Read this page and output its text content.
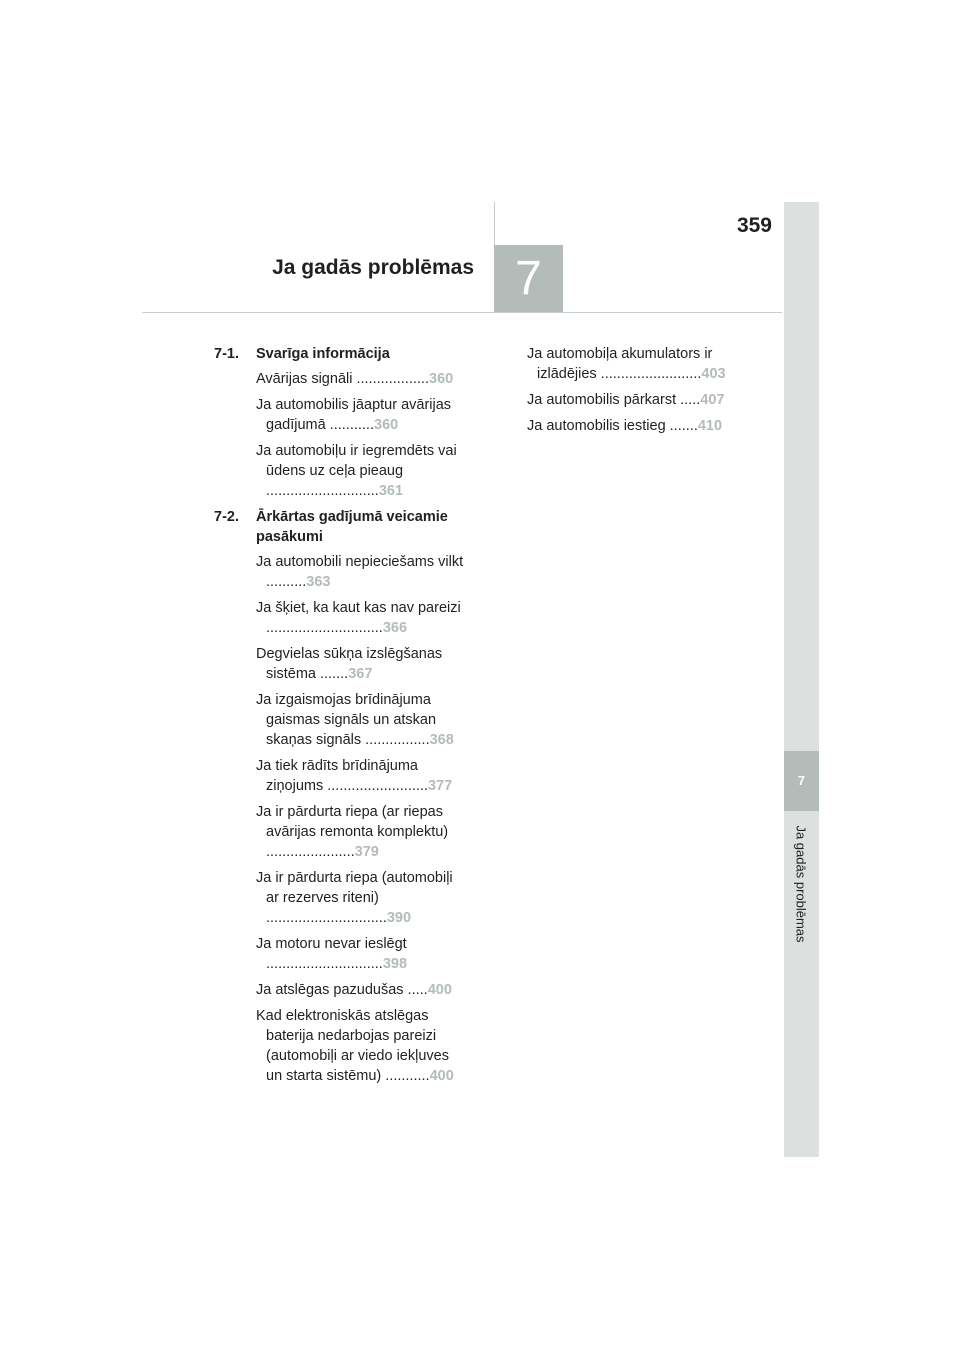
359
Ja gadās problēmas 7
7
Ja gadās problēmas
7-1. Svarīga informācija
Avārijas signāli ..................360
Ja automobilis jāaptur avārijas gadījumā ...........360
Ja automobiļu ir iegremdēts vai ūdens uz ceļa pieaug ............................361
7-2. Ārkārtas gadījumā veicamie pasākumi
Ja automobili nepieciešams vilkt ..........363
Ja šķiet, ka kaut kas nav pareizi .............................366
Degvielas sūkņa izslēgšanas sistēma .......367
Ja izgaismojas brīdinājuma gaismas signāls un atskan skaņas signāls ................368
Ja tiek rādīts brīdinājuma ziņojums .........................377
Ja ir pārdurta riepa (ar riepas avārijas remonta komplektu) ......................379
Ja ir pārdurta riepa (automobiļi ar rezerves riteni) ..............................390
Ja motoru nevar ieslēgt .............................398
Ja atslēgas pazudušas .....400
Kad elektroniskās atslēgas baterija nedarbojas pareizi (automobiļi ar viedo iekļuves un starta sistēmu) ...........400
Ja automobiļa akumulators ir izlādējies .........................403
Ja automobilis pārkarst .....407
Ja automobilis iestieg .......410
